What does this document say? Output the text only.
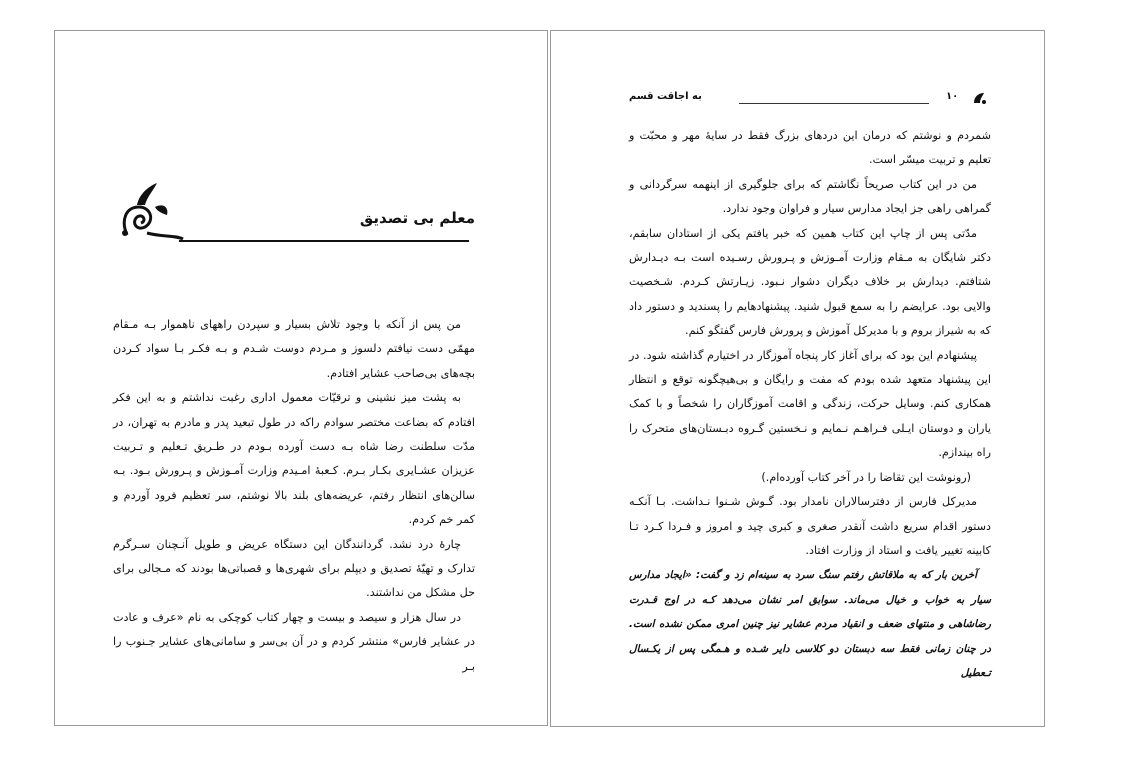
معلم بی تصدیق

من پس از آنکه با وجود تلاش بسیار و سپردن راههای ناهموار بـه مـقام مهمّی دست نیافتم دلسوز و مـردم دوست شـدم و بـه فکـر بـا سواد کـردن بچه‌های بی‌صاحب عشایر افتادم.

به پشت میز نشینی و ترقیّات معمول اداری رغبت نداشتم و به این فکر افتادم که بضاعت مختصر سوادم راکه در طول تبعید پدر و مادرم به تهران، در مدّت سلطنت رضا شاه بـه دست آورده بـودم در طـریق تـعلیم و تـربیت عزیزان عشـایری بکـار بـرم. کـعبهٔ امـیدم وزارت آمـوزش و پـرورش بـود. بـه سالن‌های انتظار رفتم، عریضه‌های بلند بالا نوشتم، سر تعظیم فرود آوردم و کمر خم کردم.

چارهٔ درد نشد. گردانندگان این دستگاه عریض و طویل آنـچنان سـرگرم تدارک و تهیّهٔ تصدیق و دیپلم برای شهری‌ها و قصباتی‌ها بودند که مـجالی برای حل مشکل من نداشتند.

در سال هزار و سیصد و بیست و چهار کتاب کوچکی به نام «عرف و عادت در عشایر فارس» منتشر کردم و در آن بی‌سر و سامانی‌های عشایر جـنوب را بـر

۱۰
به اجاقت قسم

شمردم و نوشتم که درمان این دردهای بزرگ فقط در سایهٔ مهر و محبّت و تعلیم و تربیت میسّر است.

من در این کتاب صریحاً نگاشتم که برای جلوگیری از اینهمه سرگردانی و گمراهی راهی جز ایجاد مدارس سیار و فراوان وجود ندارد.

مدّتی پس از چاپ این کتاب همین که خبر یافتم یکی از استادان سابقم، دکتر شایگان به مـقام وزارت آمـوزش و پـرورش رسـیده است بـه دیـدارش شتافتم. دیدارش بر خلاف دیگران دشوار نـبود. زیـارتش کـردم. شـخصیت والایی بود. عرایضم را به سمع قبول شنید. پیشنهادهایم را پسندید و دستور داد که به شیراز بروم و با مدیرکل آموزش و پرورش فارس گفتگو کنم.

پیشنهادم این بود که برای آغاز کار پنجاه آموزگار در اختیارم گذاشته شود. در این پیشنهاد متعهد شده بودم که مفت و رایگان و بی‌هیچگونه توقع و انتظار همکاری کنم. وسایل حرکت، زندگی و اقامت آموزگاران را شخصاً و با کمک یاران و دوستان ایـلی فـراهـم نـمایم و نـخستین گـروه دبـستان‌های متحرک را راه بیندازم.

(رونوشت این تقاضا را در آخر کتاب آورده‌ام.)

مدیرکل فارس از دفترسالاران نامدار بود. گـوش شـنوا نـداشت. بـا آنکـه دستور اقدام سریع داشت آنقدر صغری و کبری چید و امروز و فـردا کـرد تـا کابینه تغییر یافت و استاد از وزارت افتاد.

آخرین بار که به ملاقاتش رفتم سنگ سرد به سینه‌ام زد و گفت: «ایجاد مدارس سیار به خواب و خیال می‌ماند. سوابق امر نشان می‌دهد کـه در اوج قـدرت رضاشاهی و منتهای ضعف و انقیاد مردم عشایر نیز چنین امری ممکن نشده است. در چنان زمانی فقط سه دبستان دو کلاسی دایر شـده و هـمگی پس از یکـسال تـعطیل
